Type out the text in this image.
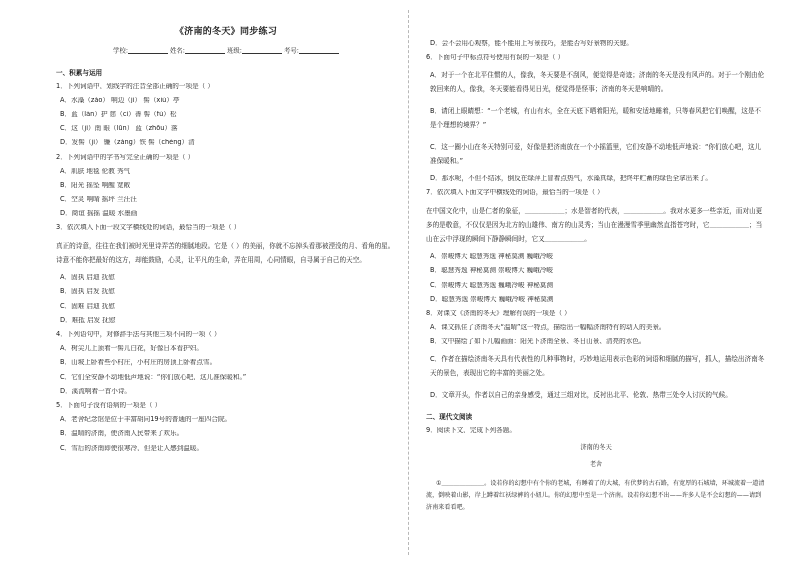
《济南的冬天》同步练习
学校:	姓名:	班级:	考号:
一、积累与运用
1．下列词语中，划线字的注音全部正确的一项是（ ）
A．水藻（zǎo） 响边（jì） 髻（xiù）亭
B．蓝（lán）护 慈（cí）善 髻（fú）松
C．这（jǐ）南 眼（lūn） 蓝（zhōu）落
D．发髻（jì） 镰（zǎng）铁 髻（chéng）清
2．下列词语中的字书写完全正确的一项是（ ）
A．肌肤 地毯 伦教 秀气
B．阳光 摇坠 响醒 宽敞
C．空灵 响晴 摇坪 兰汪汪
D．商谊 摇摇 温暖 水墨画
3．依次填入下面一段文字横线处的词语，最恰当的一项是（ ）
真正的诗意，往往在我们被时光里诗弄苦的细腻地段。它是（ ）的美丽，你就不忘掉头看那被湮没的月、看角的星。诗意不能你把最好的这方，却能鼓励，心灵，让平凡的生命，弄在用周，心同情眼，自寻属于自己的天空。
A．固执 启迪 抚慰
B．固执 启发 抚慰
C．固难 启迪 抚慰
D．难抵 启发 抚慰
4．下列语句中，对修辞手法与其他三项不同的一项（ ）
A．树尖儿上顶着一髻儿白花，好像日本看护妇。
B．山坡上卧着些小村庄，小村庄的房顶上卧着点雪。
C．它们全安静不动地低声地说：“你们放心吧，这儿准保暖和。”
D．溪流响着一首小诗。
5．下面句子没有语病的一项是（ ）
A．老舍纪念馆是位于丰富胡同19号的普通的一座四合院。
B．温晴的济南，使济南人民带来了欢乐。
C．雪后的济南即使很寒冷，但是让人感到温暖。
D．会不会用心观察，能不能用上写景技巧，是能否写好景物的关键。
6．下面句子中标点符号使用有误的一项是（ ）
A．对于一个在北平住惯的人，像我，冬天要是不刮风，便觉得是奇迹；济南的冬天是没有风声的。对于一个刚由伦敦回来的人，像我，冬天要能看得见日光，便觉得是怪事；济南的冬天是响晴的。
B．请闭上眼睛想：“一个老城，有山有水，全在天底下晒着阳光，暖和安适地睡着，只等春风把它们唤醒，这是不是个理想的境界？”
C．这一圈小山在冬天特别可爱，好像是把济南放在一个小摇篮里，它们安静不动地低声地说：“你们放心吧，这儿准保暖和。”
D．那水呢，不但不结冰，倒反在绿萍上冒着点热气，水藻真绿，把终年贮蓄的绿色全拿出来了。
7．依次填入下面文字中横线处的词语，最恰当的一项是（ ）
在中国文化中，山是仁者的象征，＿＿＿＿＿＿；水是智者的代表，＿＿＿＿＿＿。我对水更多一些亲近，而对山更多的是敬意，不仅仅是因为北方的山雄伟、南方的山灵秀；当山在漫漫雪季里幽然直指苍穹时，它＿＿＿＿＿＿；当山在云中浮现的瞬间下静静瞬间时，它又＿＿＿＿＿＿。
A．崇峻博大 聪慧秀逸 神秘莫测 巍峨冷峻
B．聪慧秀逸 神秘莫测 崇峻博大 巍峨冷峻
C．崇峻博大 聪慧秀逸 巍峨冷峻 神秘莫测
D．聪慧秀逸 崇峻博大 巍峨冷峻 神秘莫测
8．对课文《济南的冬天》理解有误的一项是（ ）
A．课文抓住了济南冬天“温晴”这一特点，描绘出一幅幅济南特有的动人的美景。
B．文中描绘了如下几幅画面：阳光下济南全景、冬日山景、清亮的水色。
C．作者在描绘济南冬天具有代表性的几种事物时，巧妙地运用表示色彩的词语和细腻的描写，抓人，描绘出济南冬天的景色，表现出它的丰富的美丽之处。
D．文章开头，作者以自己的亲身感受，通过三组对比，反衬出北平、伦敦、热带三处令人讨厌的气候。
二、现代文阅读
9．阅读下文，完成下列各题。
济南的冬天
老舍
①＿＿＿＿＿＿＿。设若你的幻想中有个你的老城，有睡着了的大城，有伏梦的古石路，有宽厚的石城墙，环城流着一道清流，倒映着山影，岸上蹲着红袄绿裤的小妞儿。你的幻想中至是一个济南。设若你幻想不出——许多人是不会幻想的——请到济南来看看吧。
